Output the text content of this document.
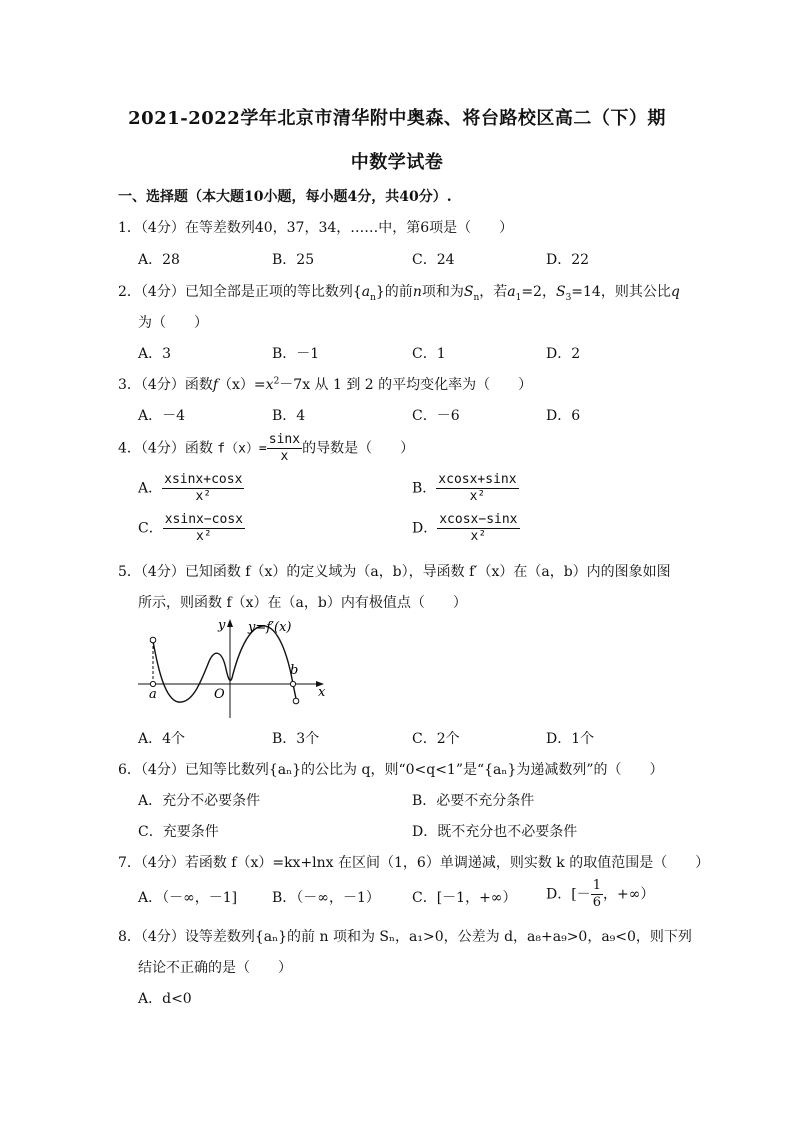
2021-2022学年北京市清华附中奥森、将台路校区高二（下）期
中数学试卷
一、选择题（本大题10小题，每小题4分，共40分）.
1．（4分）在等差数列40，37，34，……中，第6项是（　　）
A．28	B．25	C．24	D．22
2．（4分）已知全部是正项的等比数列$\{a_n\}$的前n项和为$S_n$，若$a_1=2$，$S_3=14$，则其公比q
为（　　）
A．3	B．－1	C．1	D．2
3．（4分）函数$f(x)=x^2-7x$ 从 1 到 2 的平均变化率为（　　）
A．－4	B．4	C．－6	D．6
4．（4分）函数 $f(x)= \frac{\sin x}{x}$ 的导数是（　　）
A． $\frac{xsinx+\cos x}{\text{x²}}$	B． $\frac{xcosx+\sin x}{\text{x²}}$
C． $\frac{xsinx-\cos x}{\text{x²}}$	D． $\frac{xcosx-\sin x}{\text{x²}}$
5．（4分）已知函数 f（x）的定义域为（a，b），导函数 f′（x）在（a，b）内的图象如图
所示，则函数 f（x）在（a，b）内有极值点（　　）
y y=f′(x)
x
a
b
O
A．4个	B．3个	C．2个	D．1个
6．（4分）已知等比数列{aₙ}的公比为 q，则“0<q<1”是“{aₙ}为递减数列”的（　　）
A．充分不必要条件	B．必要不充分条件
C．充要条件	D．既不充分也不必要条件
7．（4分）若函数 f（x）=kx+lnx 在区间（1，6）单调递减，则实数 k 的取值范围是（　　）
A．（－∞，－1] B．（－∞，－1） C．[－1，+∞） D．[－ $\frac{1}{6}$ ，+∞）
8．（4分）设等差数列{aₙ}的前 n 项和为 Sₙ，a₁>0，公差为 d，a₈+a₉>0，a₉<0，则下列
结论不正确的是（　　）
A．d<0
